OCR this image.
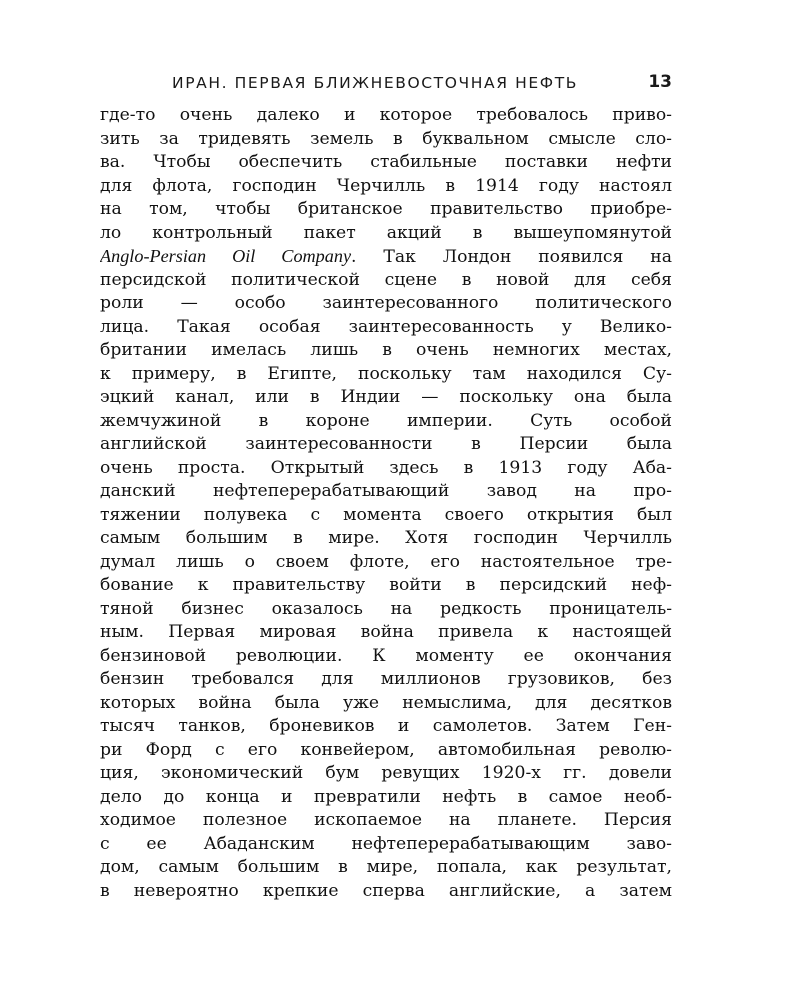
ИРАН. ПЕРВАЯ БЛИЖНЕВОСТОЧНАЯ НЕФТЬ	13
где-то очень далеко и которое требовалось приво-
зить за тридевять земель в буквальном смысле сло-
ва. Чтобы обеспечить стабильные поставки нефти
для флота, господин Черчилль в 1914 году настоял
на том, чтобы британское правительство приобре-
ло контрольный пакет акций в вышеупомянутой
Anglo-Persian Oil Company. Так Лондон появился на
персидской политической сцене в новой для себя
роли — особо заинтересованного политического
лица. Такая особая заинтересованность у Велико-
британии имелась лишь в очень немногих местах,
к примеру, в Египте, поскольку там находился Су-
эцкий канал, или в Индии — поскольку она была
жемчужиной в короне империи. Суть особой
английской заинтересованности в Персии была
очень проста. Открытый здесь в 1913 году Аба-
данский нефтеперерабатывающий завод на про-
тяжении полувека с момента своего открытия был
самым большим в мире. Хотя господин Черчилль
думал лишь о своем флоте, его настоятельное тре-
бование к правительству войти в персидский неф-
тяной бизнес оказалось на редкость проницатель-
ным. Первая мировая война привела к настоящей
бензиновой революции. К моменту ее окончания
бензин требовался для миллионов грузовиков, без
которых война была уже немыслима, для десятков
тысяч танков, броневиков и самолетов. Затем Ген-
ри Форд с его конвейером, автомобильная револю-
ция, экономический бум ревущих 1920-х гг. довели
дело до конца и превратили нефть в самое необ-
ходимое полезное ископаемое на планете. Персия
с ее Абаданским нефтеперерабатывающим заво-
дом, самым большим в мире, попала, как результат,
в невероятно крепкие сперва английские, а затем
